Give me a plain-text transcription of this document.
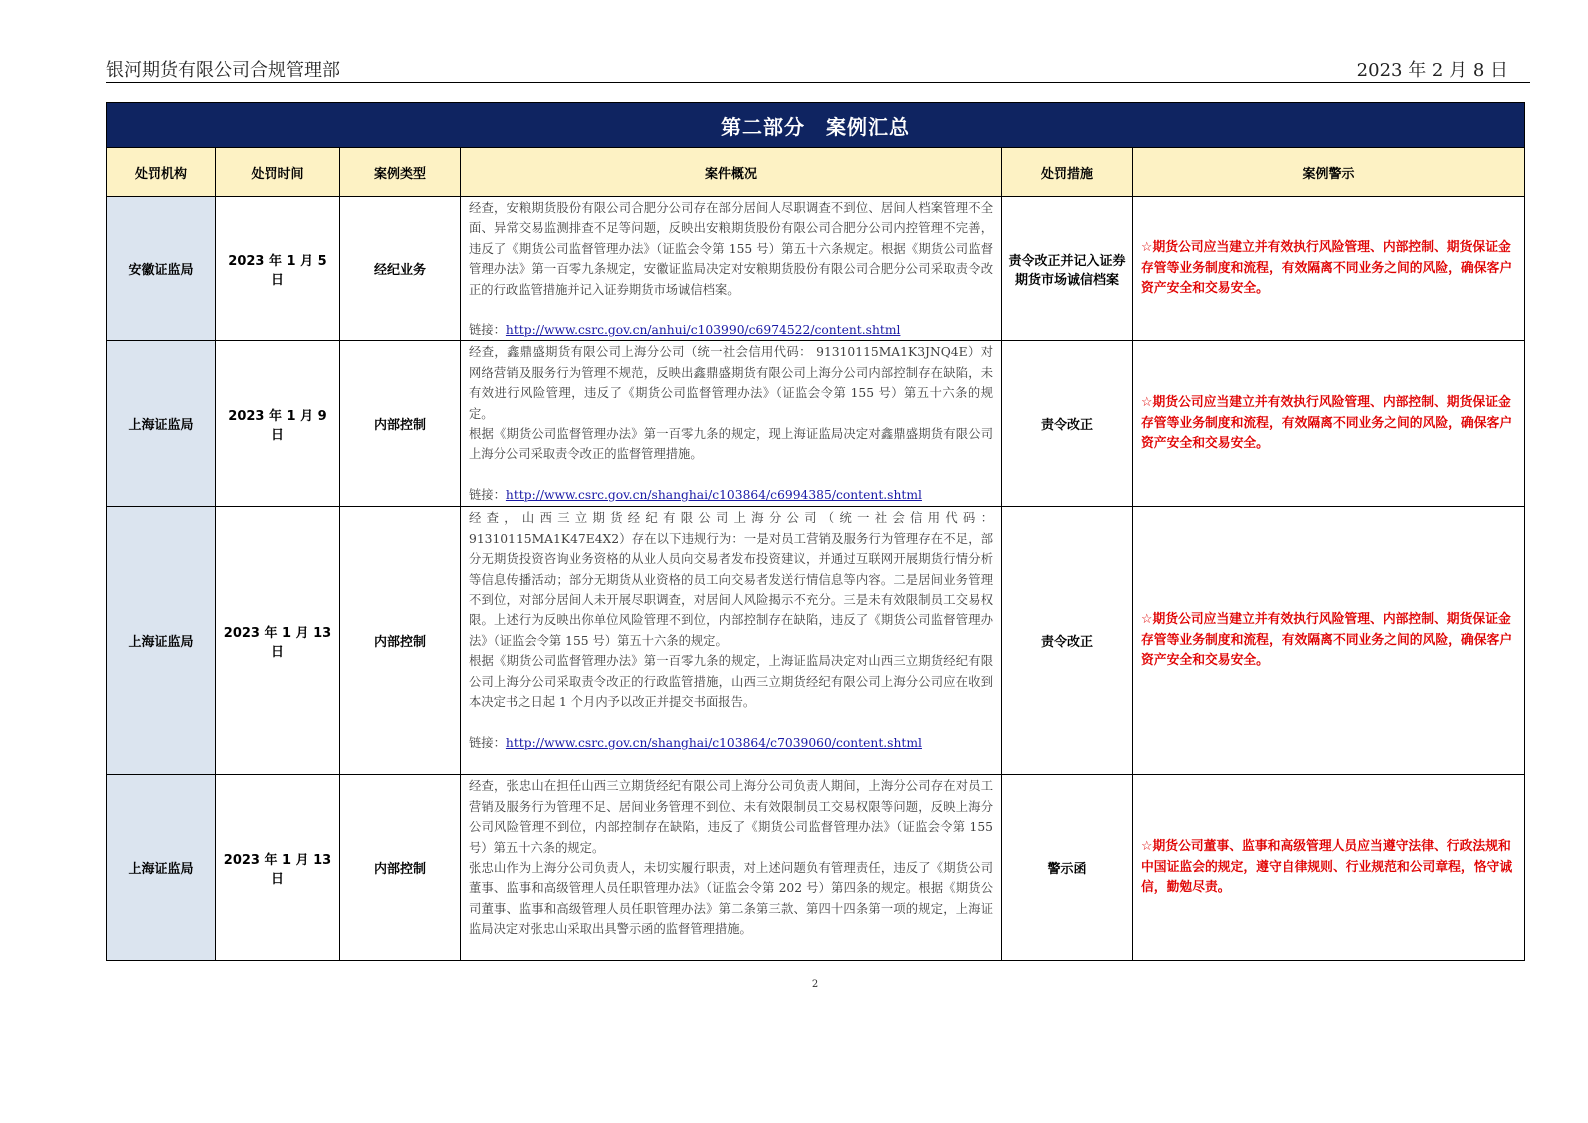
银河期货有限公司合规管理部	2023 年 2 月 8 日
第二部分　案例汇总					
处罚机构	处罚时间	案例类型	案件概况	处罚措施	案例警示
安徽证监局	2023 年 1 月 5 日	经纪业务	经查，安粮期货股份有限公司合肥分公司存在部分居间人尽职调查不到位、居间人档案管理不全面、异常交易监测排查不足等问题，反映出安粮期货股份有限公司合肥分公司内控管理不完善，违反了《期货公司监督管理办法》（证监会令第 155 号）第五十六条规定。根据《期货公司监督管理办法》第一百零九条规定，安徽证监局决定对安粮期货股份有限公司合肥分公司采取责令改正的行政监管措施并记入证券期货市场诚信档案。

链接：http://www.csrc.gov.cn/anhui/c103990/c6974522/content.shtml	责令改正并记入证券期货市场诚信档案	☆期货公司应当建立并有效执行风险管理、内部控制、期货保证金存管等业务制度和流程，有效隔离不同业务之间的风险，确保客户资产安全和交易安全。
上海证监局	2023 年 1 月 9 日	内部控制	经查，鑫鼎盛期货有限公司上海分公司（统一社会信用代码： 91310115MA1K3JNQ4E）对网络营销及服务行为管理不规范，反映出鑫鼎盛期货有限公司上海分公司内部控制存在缺陷，未有效进行风险管理，违反了《期货公司监督管理办法》（证监会令第 155 号）第五十六条的规定。

根据《期货公司监督管理办法》第一百零九条的规定，现上海证监局决定对鑫鼎盛期货有限公司上海分公司采取责令改正的监督管理措施。

链接：http://www.csrc.gov.cn/shanghai/c103864/c6994385/content.shtml	责令改正	☆期货公司应当建立并有效执行风险管理、内部控制、期货保证金存管等业务制度和流程，有效隔离不同业务之间的风险，确保客户资产安全和交易安全。
上海证监局	2023 年 1 月 13 日	内部控制	经查，山西三立期货经纪有限公司上海分公司（统一社会信用代码：91310115MA1K47E4X2）存在以下违规行为：一是对员工营销及服务行为管理存在不足，部分无期货投资咨询业务资格的从业人员向交易者发布投资建议，并通过互联网开展期货行情分析等信息传播活动；部分无期货从业资格的员工向交易者发送行情信息等内容。二是居间业务管理不到位，对部分居间人未开展尽职调查，对居间人风险揭示不充分。三是未有效限制员工交易权限。上述行为反映出你单位风险管理不到位，内部控制存在缺陷，违反了《期货公司监督管理办法》（证监会令第 155 号）第五十六条的规定。

根据《期货公司监督管理办法》第一百零九条的规定，上海证监局决定对山西三立期货经纪有限公司上海分公司采取责令改正的行政监管措施，山西三立期货经纪有限公司上海分公司应在收到本决定书之日起 1 个月内予以改正并提交书面报告。

链接：http://www.csrc.gov.cn/shanghai/c103864/c7039060/content.shtml	责令改正	☆期货公司应当建立并有效执行风险管理、内部控制、期货保证金存管等业务制度和流程，有效隔离不同业务之间的风险，确保客户资产安全和交易安全。
上海证监局	2023 年 1 月 13 日	内部控制	经查，张忠山在担任山西三立期货经纪有限公司上海分公司负责人期间，上海分公司存在对员工营销及服务行为管理不足、居间业务管理不到位、未有效限制员工交易权限等问题，反映上海分公司风险管理不到位，内部控制存在缺陷，违反了《期货公司监督管理办法》（证监会令第 155 号）第五十六条的规定。

张忠山作为上海分公司负责人，未切实履行职责，对上述问题负有管理责任，违反了《期货公司董事、监事和高级管理人员任职管理办法》（证监会令第 202 号）第四条的规定。根据《期货公司董事、监事和高级管理人员任职管理办法》第二条第三款、第四十四条第一项的规定，上海证监局决定对张忠山采取出具警示函的监督管理措施。	警示函	☆期货公司董事、监事和高级管理人员应当遵守法律、行政法规和中国证监会的规定，遵守自律规则、行业规范和公司章程，恪守诚信，勤勉尽责。
2
